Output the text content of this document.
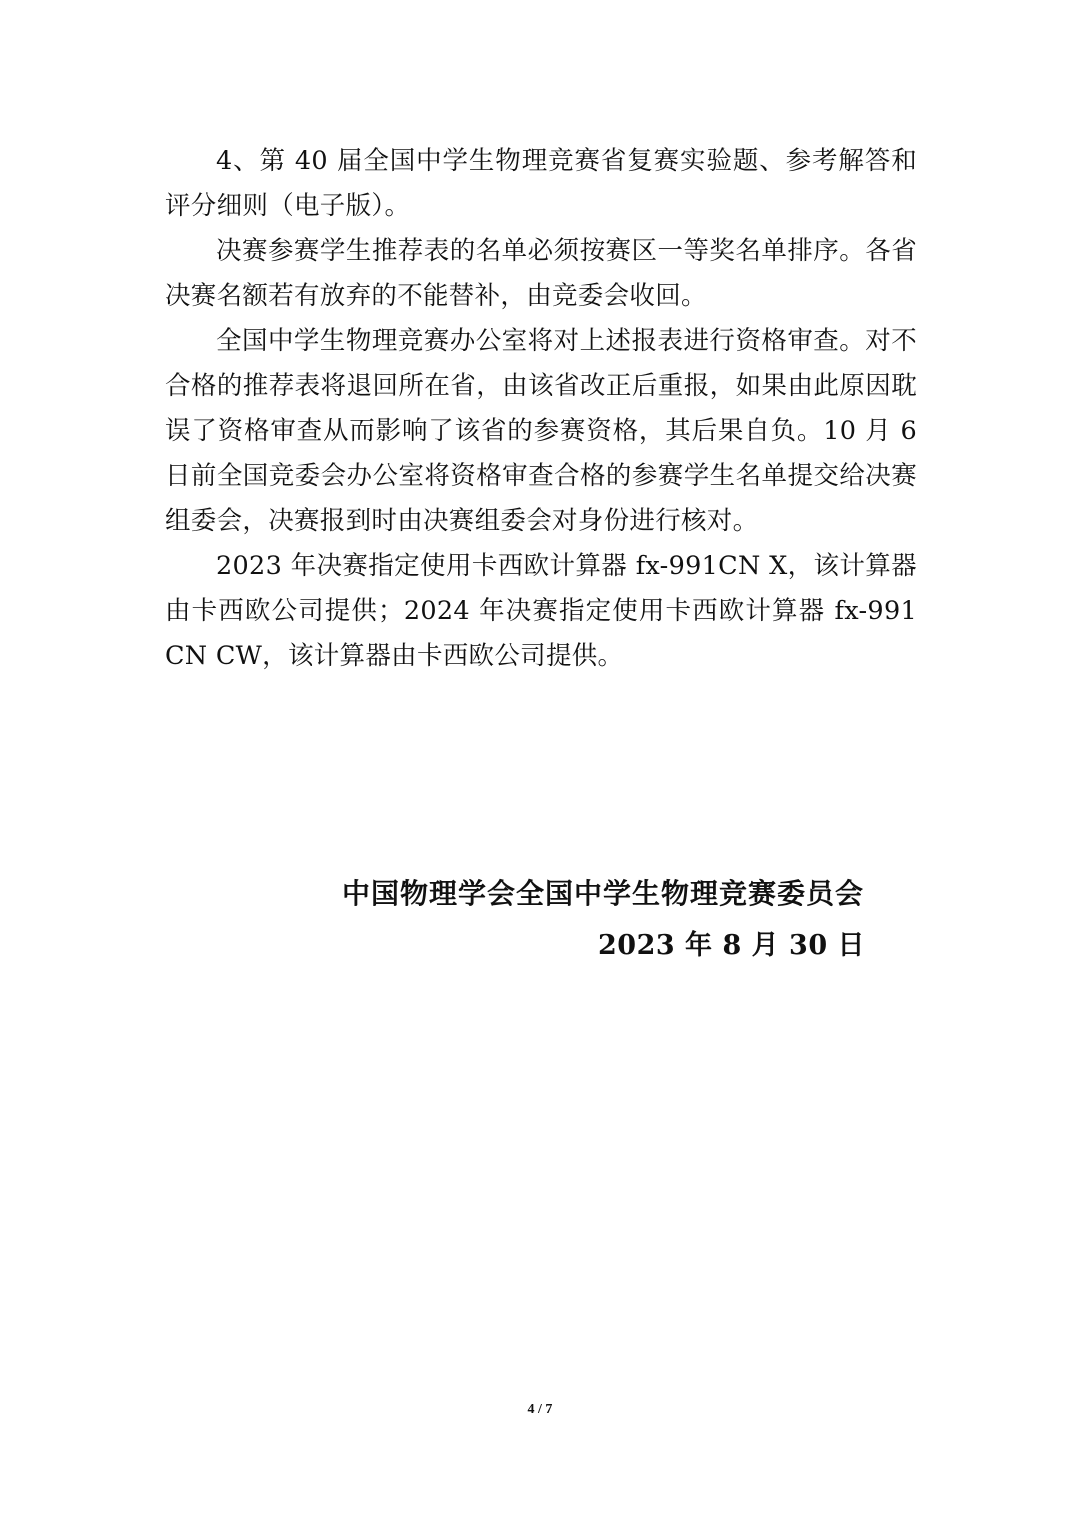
4、第 40 届全国中学生物理竞赛省复赛实验题、参考解答和评分细则（电子版）。

决赛参赛学生推荐表的名单必须按赛区一等奖名单排序。各省决赛名额若有放弃的不能替补，由竞委会收回。

全国中学生物理竞赛办公室将对上述报表进行资格审查。对不合格的推荐表将退回所在省，由该省改正后重报，如果由此原因耽误了资格审查从而影响了该省的参赛资格，其后果自负。10 月 6 日前全国竞委会办公室将资格审查合格的参赛学生名单提交给决赛组委会，决赛报到时由决赛组委会对身份进行核对。

2023 年决赛指定使用卡西欧计算器 fx-991CN X，该计算器由卡西欧公司提供；2024 年决赛指定使用卡西欧计算器 fx-991CN CW，该计算器由卡西欧公司提供。

中国物理学会全国中学生物理竞赛委员会
2023 年 8 月 30 日
4 / 7
